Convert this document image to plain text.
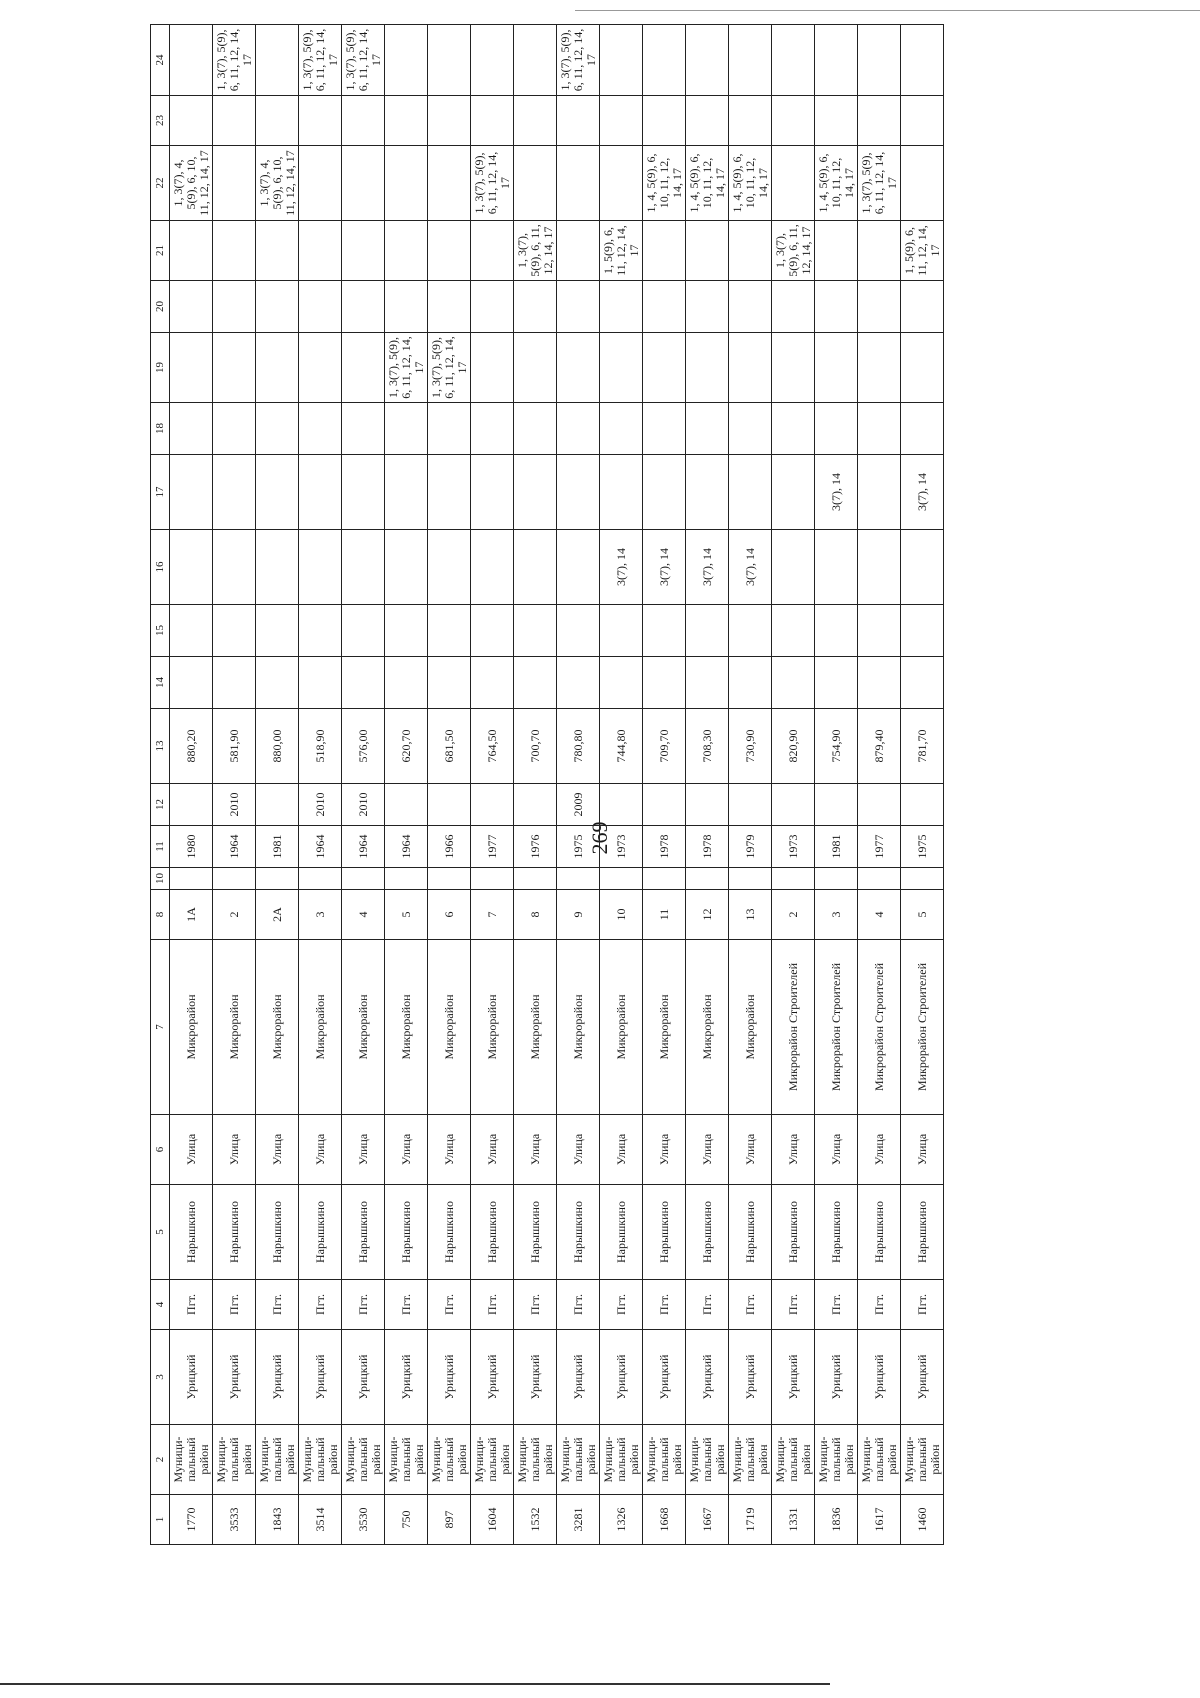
269
1	2	3	4	5	6	7	8	10	11	12	13	14	15	16	17	18	19	20	21	22	23	24
1770	Муници-пальный район	Урицкий	Пгт.	Нарышкино	Улица	Микрорайон	1А		1980		880,20									1, 3(7), 4, 5(9), 6, 10, 11, 12, 14, 17		
3533	Муници-пальный район	Урицкий	Пгт.	Нарышкино	Улица	Микрорайон	2		1964	2010	581,90											1, 3(7), 5(9), 6, 11, 12, 14, 17
1843	Муници-пальный район	Урицкий	Пгт.	Нарышкино	Улица	Микрорайон	2А		1981		880,00									1, 3(7), 4, 5(9), 6, 10, 11, 12, 14, 17		
3514	Муници-пальный район	Урицкий	Пгт.	Нарышкино	Улица	Микрорайон	3		1964	2010	518,90											1, 3(7), 5(9), 6, 11, 12, 14, 17
3530	Муници-пальный район	Урицкий	Пгт.	Нарышкино	Улица	Микрорайон	4		1964	2010	576,00											1, 3(7), 5(9), 6, 11, 12, 14, 17
750	Муници-пальный район	Урицкий	Пгт.	Нарышкино	Улица	Микрорайон	5		1964		620,70						1, 3(7), 5(9), 6, 11, 12, 14, 17					
897	Муници-пальный район	Урицкий	Пгт.	Нарышкино	Улица	Микрорайон	6		1966		681,50						1, 3(7), 5(9), 6, 11, 12, 14, 17					
1604	Муници-пальный район	Урицкий	Пгт.	Нарышкино	Улица	Микрорайон	7		1977		764,50									1, 3(7), 5(9), 6, 11, 12, 14, 17		
1532	Муници-пальный район	Урицкий	Пгт.	Нарышкино	Улица	Микрорайон	8		1976		700,70								1, 3(7), 5(9), 6, 11, 12, 14, 17			
3281	Муници-пальный район	Урицкий	Пгт.	Нарышкино	Улица	Микрорайон	9		1975	2009	780,80											1, 3(7), 5(9), 6, 11, 12, 14, 17
1326	Муници-пальный район	Урицкий	Пгт.	Нарышкино	Улица	Микрорайон	10		1973		744,80			3(7), 14					1, 5(9), 6, 11, 12, 14, 17			
1668	Муници-пальный район	Урицкий	Пгт.	Нарышкино	Улица	Микрорайон	11		1978		709,70			3(7), 14						1, 4, 5(9), 6, 10, 11, 12, 14, 17		
1667	Муници-пальный район	Урицкий	Пгт.	Нарышкино	Улица	Микрорайон	12		1978		708,30			3(7), 14						1, 4, 5(9), 6, 10, 11, 12, 14, 17		
1719	Муници-пальный район	Урицкий	Пгт.	Нарышкино	Улица	Микрорайон	13		1979		730,90			3(7), 14						1, 4, 5(9), 6, 10, 11, 12, 14, 17		
1331	Муници-пальный район	Урицкий	Пгт.	Нарышкино	Улица	Микрорайон Строителей	2		1973		820,90								1, 3(7), 5(9), 6, 11, 12, 14, 17			
1836	Муници-пальный район	Урицкий	Пгт.	Нарышкино	Улица	Микрорайон Строителей	3		1981		754,90				3(7), 14					1, 4, 5(9), 6, 10, 11, 12, 14, 17		
1617	Муници-пальный район	Урицкий	Пгт.	Нарышкино	Улица	Микрорайон Строителей	4		1977		879,40									1, 3(7), 5(9), 6, 11, 12, 14, 17		
1460	Муници-пальный район	Урицкий	Пгт.	Нарышкино	Улица	Микрорайон Строителей	5		1975		781,70				3(7), 14				1, 5(9), 6, 11, 12, 14, 17			
